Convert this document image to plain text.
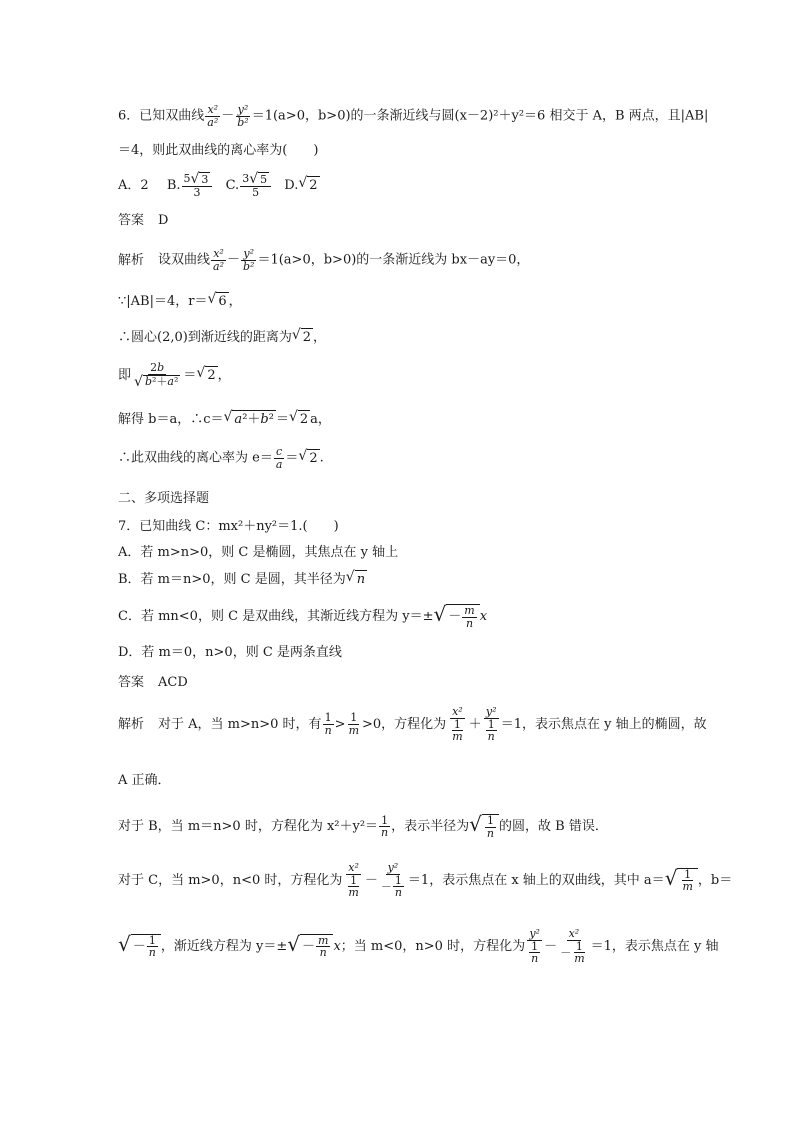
6．已知双曲线 $\frac{\text{x²}}{\text{a²}} - \frac{\text{y²}}{\text{b²}} =1(a>0$，b>0)的一条渐近线与圆(x－2)²＋y²＝6 相交于 A，B 两点，且|AB|
＝4，则此双曲线的离心率为(　　)
A．2 B. $\frac{5 √ 3}{3} C$. $\frac{3 √ 5}{5} D$. √ 2
答案 D
解析 设双曲线 $\frac{\text{x²}}{\text{a²}} - \frac{\text{y²}}{\text{b²}} =1(a>0$，b>0)的一条渐近线为 bx－ay＝0，
∵|AB|＝4，r＝ √ 6 ，
∴圆心(2,0)到渐近线的距离为 √ 2 ，
即 $\frac{2b}{\text{√ b ²＋ a ²}}$ ＝ √ 2 ，
解得 b＝a，∴c＝ √ a ²＋ b ² ＝ √ 2 a，
∴此双曲线的离心率为 $e= \frac{c}{a}$ ＝ √ 2 .
二、多项选择题
7．已知曲线 C：mx²＋ny²＝1.(　　)
A．若 m>n>0，则 C 是椭圆，其焦点在 y 轴上
B．若 m＝n>0，则 C 是圆，其半径为 √ n
C．若 mn<0，则 C 是双曲线，其渐近线方程为 y＝± √ － $\frac{m}{n}$ x
D．若 m＝0，n>0，则 C 是两条直线
答案 ACD
解析 对于 A，当 m>n>0 时，有 $\frac{1}{n} > \frac{1}{m} >0$，方程化为 $\frac{\text{x²}}{\frac{1}{m}} + \frac{\text{y²}}{\frac{1}{n}} =1$，表示焦点在 y 轴上的椭圆，故
A 正确．
对于 B，当 m＝n>0 时，方程化为 $x^2+y^2= \frac{1}{n}$ ，表示半径为 √ $\frac{1}{n}$ 的圆，故 B 错误．
对于 C，当 m>0，n<0 时，方程化为 $\frac{\text{x²}}{\frac{1}{m}} - \frac{\text{y²}}{- \frac{1}{n}} =1$，表示焦点在 x 轴上的双曲线，其中 a＝ √ $\frac{1}{m}$ ，b＝
√ － $\frac{1}{n}$ ，渐近线方程为 y＝± √ － $\frac{m}{n}$ x；当 m<0，n>0 时，方程化为 $\frac{\text{y²}}{\frac{1}{n}} - \frac{\text{x²}}{- \frac{1}{m}} =1$，表示焦点在 y 轴
